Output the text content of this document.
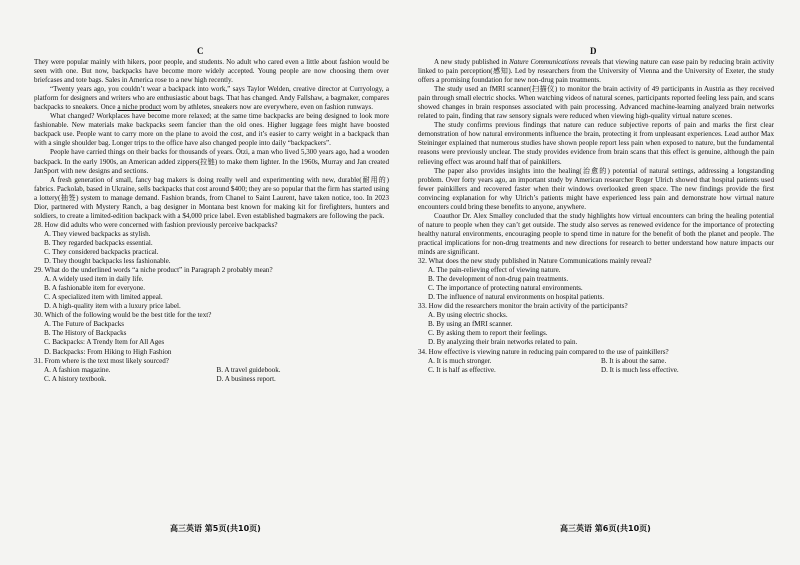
C	D

They were popular mainly with hikers, poor people, and students. No adult who cared even a little about fashion would be seen with one. But now, backpacks have become more widely accepted. Young people are now choosing them over briefcases and tote bags. Sales in America rose to a new high recently.

“Twenty years ago, you couldn’t wear a backpack into work,” says Taylor Welden, creative director at Curryology, a platform for designers and writers who are enthusiastic about bags. That has changed. Andy Fallshaw, a bagmaker, compares backpacks to sneakers. Once a niche product worn by athletes, sneakers now are everywhere, even on fashion runways.

What changed? Workplaces have become more relaxed; at the same time backpacks are being designed to look more fashionable. New materials make backpacks seem fancier than the old ones. Higher luggage fees might have boosted backpack use. People want to carry more on the plane to avoid the cost, and it’s easier to carry weight in a backpack than with a single shoulder bag. Longer trips to the office have also changed people into daily “backpackers”.

People have carried things on their backs for thousands of years. Ötzi, a man who lived 5,300 years ago, had a wooden backpack. In the early 1900s, an American added zippers(拉链) to make them lighter. In the 1960s, Murray and Jan created JanSport with new designs and sections.

A fresh generation of small, fancy bag makers is doing really well and experimenting with new, durable(耐用的) fabrics. Packolab, based in Ukraine, sells backpacks that cost around $400; they are so popular that the firm has started using a lottery(抽签) system to manage demand. Fashion brands, from Chanel to Saint Laurent, have taken notice, too. In 2023 Dior, partnered with Mystery Ranch, a bag designer in Montana best known for making kit for firefighters, hunters and soldiers, to create a limited-edition backpack with a $4,000 price label. Even established bagmakers are following the pack.

28. How did adults who were concerned with fashion previously perceive backpacks?
A. They viewed backpacks as stylish.
B. They regarded backpacks essential.
C. They considered backpacks practical.
D. They thought backpacks less fashionable.
29. What do the underlined words “a niche product” in Paragraph 2 probably mean?
A. A widely used item in daily life.
B. A fashionable item for everyone.
C. A specialized item with limited appeal.
D. A high-quality item with a luxury price label.
30. Which of the following would be the best title for the text?
A. The Future of Backpacks
B. The History of Backpacks
C. Backpacks: A Trendy Item for All Ages
D. Backpacks: From Hiking to High Fashion
31. From where is the text most likely sourced?
A. A fashion magazine.	B. A travel guidebook.
C. A history textbook.	D. A business report.

A new study published in Nature Communications reveals that viewing nature can ease pain by reducing brain activity linked to pain perception(感知). Led by researchers from the University of Vienna and the University of Exeter, the study offers a promising foundation for new non-drug pain treatments.

The study used an fMRI scanner(扫描仪) to monitor the brain activity of 49 participants in Austria as they received pain through small electric shocks. When watching videos of natural scenes, participants reported feeling less pain, and scans showed changes in brain responses associated with pain processing. Advanced machine-learning analyzed brain networks related to pain, finding that raw sensory signals were reduced when viewing high-quality virtual nature scenes.

The study confirms previous findings that nature can reduce subjective reports of pain and marks the first clear demonstration of how natural environments influence the brain, protecting it from unpleasant experiences. Lead author Max Steininger explained that numerous studies have shown people report less pain when exposed to nature, but the fundamental reasons were previously unclear. The study provides evidence from brain scans that this effect is genuine, although the pain relieving effect was around half that of painkillers.

The paper also provides insights into the healing(治愈的) potential of natural settings, addressing a longstanding problem. Over forty years ago, an important study by American researcher Roger Ulrich showed that hospital patients used fewer painkillers and recovered faster when their windows overlooked green space. The new findings provide the first convincing explanation for why Ulrich’s patients might have experienced less pain and demonstrate how virtual nature encounters could bring these benefits to anyone, anywhere.

Coauthor Dr. Alex Smalley concluded that the study highlights how virtual encounters can bring the healing potential of nature to people when they can’t get outside. The study also serves as renewed evidence for the importance of protecting healthy natural environments, encouraging people to spend time in nature for the benefit of both the planet and people. The practical implications for non-drug treatments and new directions for research to better understand how nature impacts our minds are significant.

32. What does the new study published in Nature Communications mainly reveal?
A. The pain-relieving effect of viewing nature.
B. The development of non-drug pain treatments.
C. The importance of protecting natural environments.
D. The influence of natural environments on hospital patients.
33. How did the researchers monitor the brain activity of the participants?
A. By using electric shocks.
B. By using an fMRI scanner.
C. By asking them to report their feelings.
D. By analyzing their brain networks related to pain.
34. How effective is viewing nature in reducing pain compared to the use of painkillers?
A. It is much stronger.	B. It is about the same.
C. It is half as effective.	D. It is much less effective.
高三英语 第5页(共10页)	高三英语 第6页(共10页)
